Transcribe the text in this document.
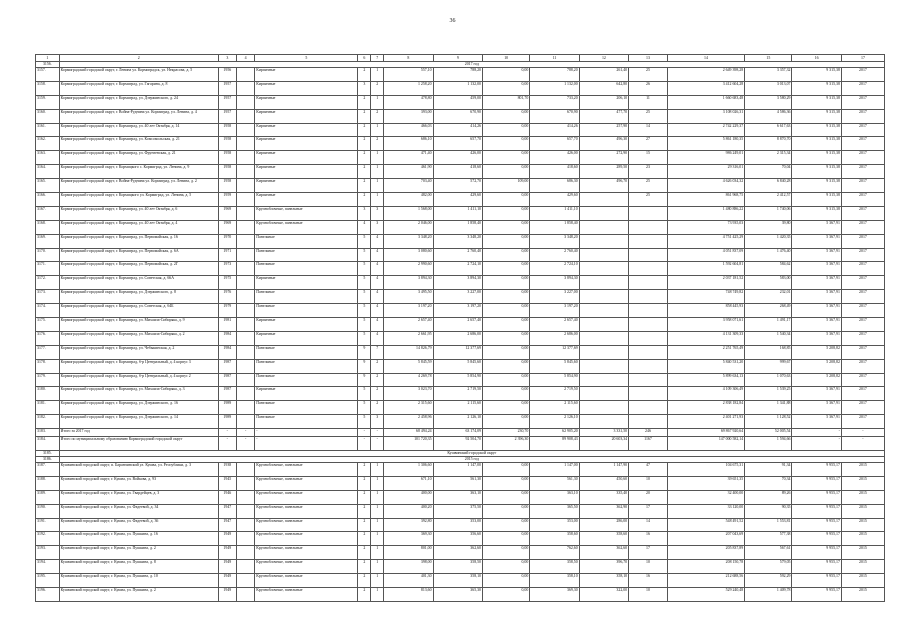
36
1	2	3	4	5	6	7	8	9	10	11	12	13	14	15	16	17
3156.	2017 год															
3157.	Кормиградский городской округ, г. Ленина ул. Кормиградск, ул. Некрасова, д. 5	1956		Кирпичные	2	1	557,10	788,20	0,00	788,20	261,40	25	2 649 398,28	3 357,32	9 315,38	2017
3158.	Кормиградский городской округ, г. Кормиград, ул. Гагарина, д. 8	1957		Кирпичные	3	2	1 258,20	1 132,00	0,00	1 132,00	642,80	26	3 412 604,28	3 013,07	9 315,38	2017
3159.	Кормиградский городской округ, г. Кормиград, ул. Дзержинского, д. 24	1957		Кирпичные	2	1	478,80	459,00	801,70	733,20	206,10	11	1 660 683,48	3 580,29	9 315,38	2017
3160.	Кормиградский городской округ, г. Война-Руднина ул. Кормиград, ул. Ленина, д. 4	1957		Кирпичные	2	2	393,00	670,90	0,00	670,90	477,70	25	3 108 026,31	4 586,36	9 315,38	2017
3161.	Кормиградский городской округ, г. Кормиград, ул. 40 лет Октября, д. 14	1958		Кирпичные	2	1	466,03	414,26	0,00	414,26	257,90	14	2 742 229,37	6 617,63	9 315,38	2017
3162.	Кормиградский городской округ, г. Кормиград, ул. Комсомольская, д. 21	1958		Кирпичные	2	2	686,10	657,70	0,00	657,70	496,30	27	5 861 180,35	8 870,70	9 315,38	2017
3163.	Кормиградский городской округ, г. Кормиград, ул. Фрунзенская, д. 21	1958		Кирпичные	2	1	471,40	426,00	0,00	426,00	272,90	15	986 249,01	2 315,34	9 315,38	2017
3164.	Кормиградский городской округ, г. Кормицкого с. Кормиград, ул. Ленина, д. 9	1958		Кирпичные	2	1	461,90	418,60	0,00	418,60	289,50	23	29 316,01	70,04	9 315,38	2017
3165.	Кормиградский городской округ, г. Война-Руднина ул. Кормиград, ул. Ленина, д. 2	1958		Кирпичные	2	1	703,40	572,70	109,00	686,30	496,70	25	4 626 034,32	6 840,28	9 315,38	2017
3166.	Кормиградский городской округ, г. Кормицкого ул. Кормиград, ул. Ленина, д. 5	1959		Кирпичные	2	1	482,00	429,60	0,00	429,60		25	861 968,75	2 412,57	9 315,38	2017
3167.	Кормиградский городской округ, г. Кормиград, ул. 40 лет Октября, д. 6	1969		Крупноблочные, панельные	3	3	1 568,00	1 411,10	0,00	1 411,10			1 480 886,22	1 740,06	9 315,38	2017
3168.	Кормиградский городской округ, г. Кормиград, ул. 40 лет Октября, д. 4	1969		Крупноблочные, панельные	4	3	2 046,00	1 858,40	0,00	1 858,40			73 935,03	39,80	5 367,91	2017
3169.	Кормиградский городской округ, г. Кормиград, ул. Первомайская, д. 16	1970		Панельные	5	4	3 348,20	3 348,20	0,00	3 348,20			4 751 425,29	1 420,35	5 367,91	2017
3170.	Кормиградский городской округ, г. Кормиград, ул. Первомайская, д. 6А	1971		Панельные	5	4	3 080,60	2 760,40	0,00	2 760,40			4 051 837,09	1 476,40	5 367,91	2017
3171.	Кормиградский городской округ, г. Кормиград, ул. Первомайская, д. 2Г	1973		Панельные	5	4	2 990,60	2 724,10	0,00	2 724,10			1 592 604,81	584,62	5 367,91	2017
3172.	Кормиградский городской округ, г. Кормиград, ул. Советская, д. 66А	1975		Кирпичные	5	4	3 894,30	3 894,30	0,00	3 894,30			2 037 181,52	583,00	5 367,91	2017
3173.	Кормиградский городской округ, г. Кормиград, ул. Дзержинского, д. 8	1976		Панельные	5	4	3 495,50	3 227,00	0,00	3 227,00			748 749,82	232,01	5 367,91	2017
3174.	Кормиградский городской округ, г. Кормиград, ул. Советская, д. 64Б	1979		Панельные	5	4	3 197,20	3 197,20	0,00	3 197,20			858 445,93	268,49	5 367,91	2017
3175.	Кормиградский городской округ, г. Кормиград, ул. Михаила-Сибиряка, д. 9	1981		Кирпичные	5	4	2 657,40	2 657,40	0,00	2 657,40			3 958 071,61	1 491,17	5 367,91	2017
3176.	Кормиградский городской округ, г. Кормиград, ул. Михаила-Сибиряка, д. 2	1984		Кирпичные	5	4	2 661,95	2 686,00	0,00	2 686,00			4 131 309,33	1 540,34	5 367,91	2017
3177.	Кормиградский городской округ, г. Кормиград, ул. Чебыкинская, д. 2	1984		Панельные	9	7	14 826,79	12 377,69	0,00	12 377,69			2 251 765,49	168,85	5 208,82	2017
3178.	Кормиградский городской округ, г. Кормиград, б-р Центральный, д. 4 корпус 3	1987		Панельные	9	2	5 845,59	5 845,60	0,00	5 845,60			5 840 531,20	999,67	5 208,82	2017
3179.	Кормиградский городской округ, г. Кормиград, б-р Центральный, д. 4 корпус 2	1987		Панельные	9	2	4 269,78	5 854,90	0,00	5 854,90			5 899 634,13	1 070,63	5 208,82	2017
3180.	Кормиградский городской округ, г. Кормиград, ул. Михаила-Сибиряка, д. 3	1987		Кирпичные	5	2	3 023,70	2 719,50	0,00	2 719,50			4 109 306,49	1 539,25	5 367,91	2017
3181.	Кормиградский городской округ, г. Кормиград, ул. Дзержинского, д. 16	1989		Панельные	5	2	2 315,60	2 115,60	0,00	2 115,60			2 838 182,84	1 341,88	5 367,91	2017
3182.	Кормиградский городской округ, г. Кормиград, ул. Дзержинского, д. 14	1989		Панельные	5	3	2 458,96	2 126,10	0,00	2 126,10			2 401 271,93	1 128,52	5 367,91	2017
3183.	Итого за 2017 год	-	-	-	-	-	68 494,24	63 174,09	230,70	62 905,20	3 331,50	246	69 867 920,64	52 005,54	-	-
3184.	Итого по муниципальному образованию Кормиградский городской округ	-	-	-	-	-	101 720,35	92 504,70	2 396,30	89 908,43	20 603,34	1167	147 000 582,14	1 594,66	-	-
3185.	Кушвинский городской округ															
3186.	2015 год															
3187.	Кушвинский городской округ, п. Баранчинский ул. Кушва, ул. Республики, д. 3	1938		Крупноблочные, панельные	2	1	1 306,60	1 147,00	0,00	1 147,00	1 147,90	47	104 675,31	91,34	9 955,17	2015
3188.	Кушвинский городской округ, г. Кушва, ул. Войкова, д. 93	1945		Крупноблочные, панельные	2	1	671,10	561,30	0,00	561,30	450,60	10	39 651,35	70,34	9 955,17	2015
3189.	Кушвинский городской округ, г. Кушва, ул. Гвардейцев, д. 3	1946		Крупноблочные, панельные	2	1	400,00	363,10	0,00	363,10	335,40	20	32 400,00	89,26	9 955,17	2015
3190.	Кушвинский городской округ, г. Кушва, ул. Фадеевой, д. 34	1947		Крупноблочные, панельные	2	1	400,20	375,50	0,00	365,50	362,90	17	33 120,00	90,35	9 955,17	2015
3191.	Кушвинский городской округ, г. Кушва, ул. Фадеевой, д. 36	1947		Крупноблочные, панельные	2	1	392,80	353,00	0,00	353,00	286,00	14	548 491,52	1 553,81	9 955,17	2015
3192.	Кушвинский городской округ, г. Кушва, ул. Пушкина, д. 16	1949		Крупноблочные, панельные	2	1	369,30	356,60	0,00	358,60	358,60	16	207 043,69	577,38	9 955,17	2015
3193.	Кушвинский городской округ, г. Кушва, ул. Пушкина, д. 2	1949		Крупноблочные, панельные	2	1	801,00	362,60	0,00	762,60	362,60	17	205 837,89	567,61	9 955,17	2015
3194.	Кушвинский городской округ, г. Кушва, ул. Пушкина, д. 8	1949		Крупноблочные, панельные	2	1	398,00	358,50	0,00	358,50	396,70	10	208 150,78	579,05	9 955,17	2015
3195.	Кушвинский городской округ, г. Кушва, ул. Пушкина, д. 10	1949		Крупноблочные, панельные	2	1	401,30	358,10	0,00	358,10	358,10	16	212 688,56	592,29	9 955,17	2015
3196.	Кушвинский городской округ, г. Кушва, ул. Пушкина, д. 2	1949		Крупноблочные, панельные	2	1	813,60	365,30	0,00	369,30	322,00	10	529 240,48	1 409,78	9 955,17	2015
